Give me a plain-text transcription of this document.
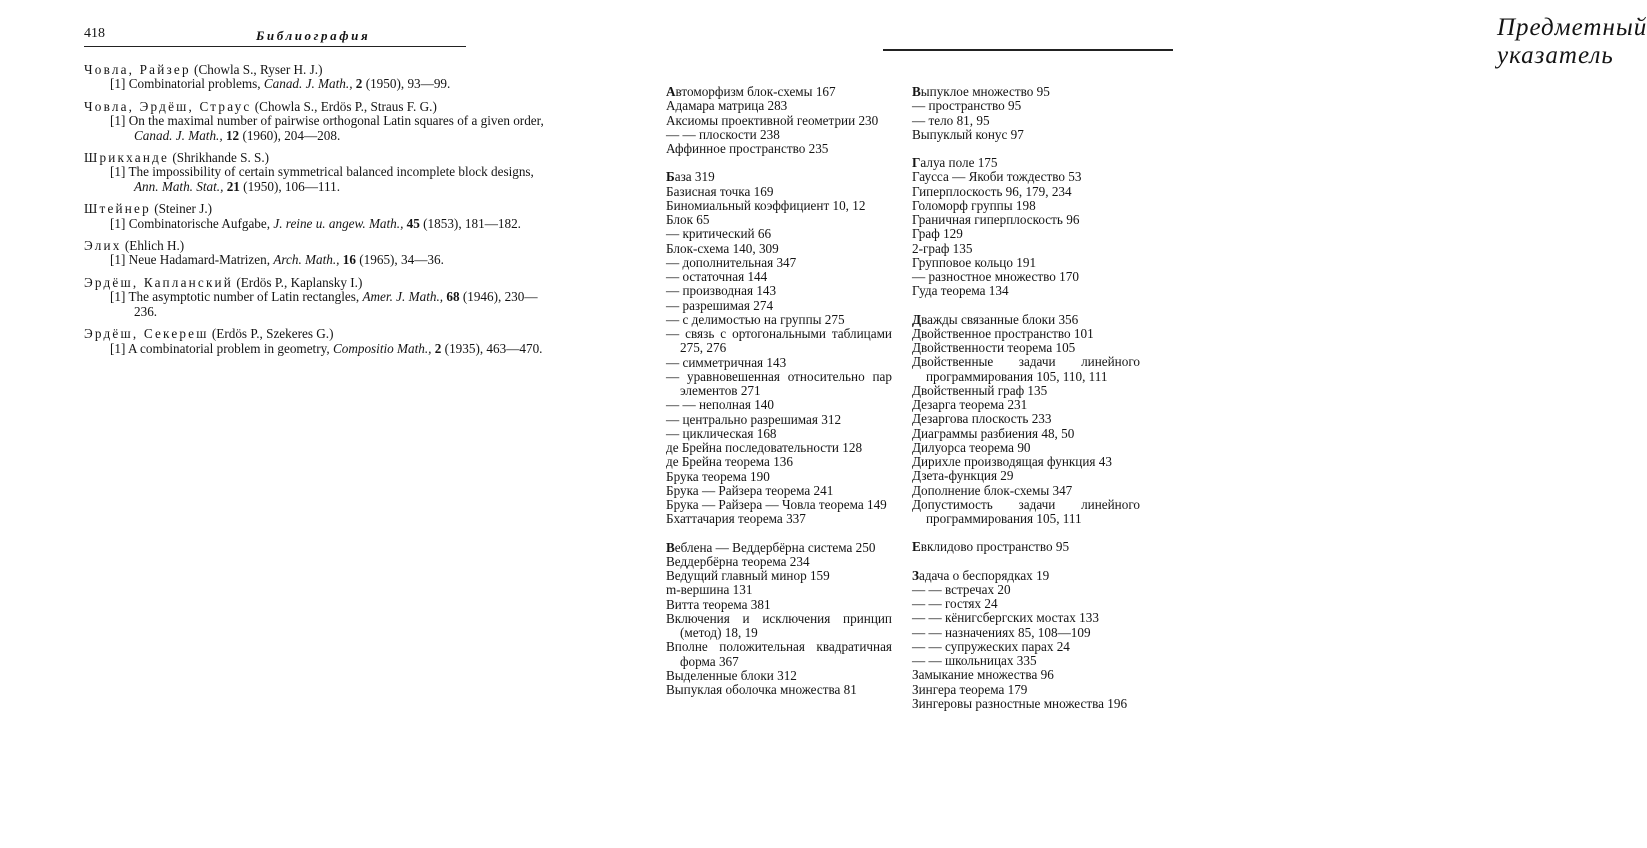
418	Библиография
Човла, Райзер (Chowla S., Ryser H. J.)
[1] Combinatorial problems, Canad. J. Math., 2 (1950), 93—99.
Човла, Эрдёш, Страус (Chowla S., Erdös P., Straus F. G.)
[1] On the maximal number of pairwise orthogonal Latin squares of a given order, Canad. J. Math., 12 (1960), 204—208.
Шрикханде (Shrikhande S. S.)
[1] The impossibility of certain symmetrical balanced incomplete block designs, Ann. Math. Stat., 21 (1950), 106—111.
Штейнер (Steiner J.)
[1] Combinatorische Aufgabe, J. reine u. angew. Math., 45 (1853), 181—182.
Элих (Ehlich H.)
[1] Neue Hadamard-Matrizen, Arch. Math., 16 (1965), 34—36.
Эрдёш, Капланский (Erdös P., Kaplansky I.)
[1] The asymptotic number of Latin rectangles, Amer. J. Math., 68 (1946), 230—236.
Эрдёш, Секереш (Erdös P., Szekeres G.)
[1] A combinatorial problem in geometry, Compositio Math., 2 (1935), 463—470.
Предметный указатель
Автоморфизм блок-схемы 167
Адамара матрица 283
Аксиомы проективной геометрии 230
— — плоскости 238
Аффинное пространство 235
База 319
Базисная точка 169
Биномиальный коэффициент 10, 12
Блок 65
— критический 66
Блок-схема 140, 309
— дополнительная 347
— остаточная 144
— производная 143
— разрешимая 274
— с делимостью на группы 275
— связь с ортогональными таблицами 275, 276
— симметричная 143
— уравновешенная относительно пар элементов 271
— — неполная 140
— центрально разрешимая 312
— циклическая 168
де Брейна последовательности 128
де Брейна теорема 136
Брука теорема 190
Брука — Райзера теорема 241
Брука — Райзера — Човла теорема 149
Бхаттачария теорема 337
Вебленa — Веддербёрна система 250
Веддербёрна теорема 234
Ведущий главный минор 159
m-вершина 131
Витта теорема 381
Включения и исключения принцип (метод) 18, 19
Вполне положительная квадратичная форма 367
Выделенные блоки 312
Выпуклая оболочка множества 81
Выпуклое множество 95
— пространство 95
— тело 81, 95
Выпуклый конус 97
Галуа поле 175
Гаусса — Якоби тождество 53
Гиперплоскость 96, 179, 234
Голоморф группы 198
Граничная гиперплоскость 96
Граф 129
2-граф 135
Групповое кольцо 191
— разностное множество 170
Гуда теорема 134
Дважды связанные блоки 356
Двойственное пространство 101
Двойственности теорема 105
Двойственные задачи линейного программирования 105, 110, 111
Двойственный граф 135
Дезарга теорема 231
Дезаргова плоскость 233
Диаграммы разбиения 48, 50
Дилуорса теорема 90
Дирихле производящая функция 43
Дзета-функция 29
Дополнение блок-схемы 347
Допустимость задачи линейного программирования 105, 111
Евклидово пространство 95
Задача о беспорядках 19
— — встречах 20
— — гостях 24
— — кёнигсбергских мостах 133
— — назначениях 85, 108—109
— — супружеских парах 24
— — школьницах 335
Замыкание множества 96
Зингера теорема 179
Зингеровы разностные множества 196
